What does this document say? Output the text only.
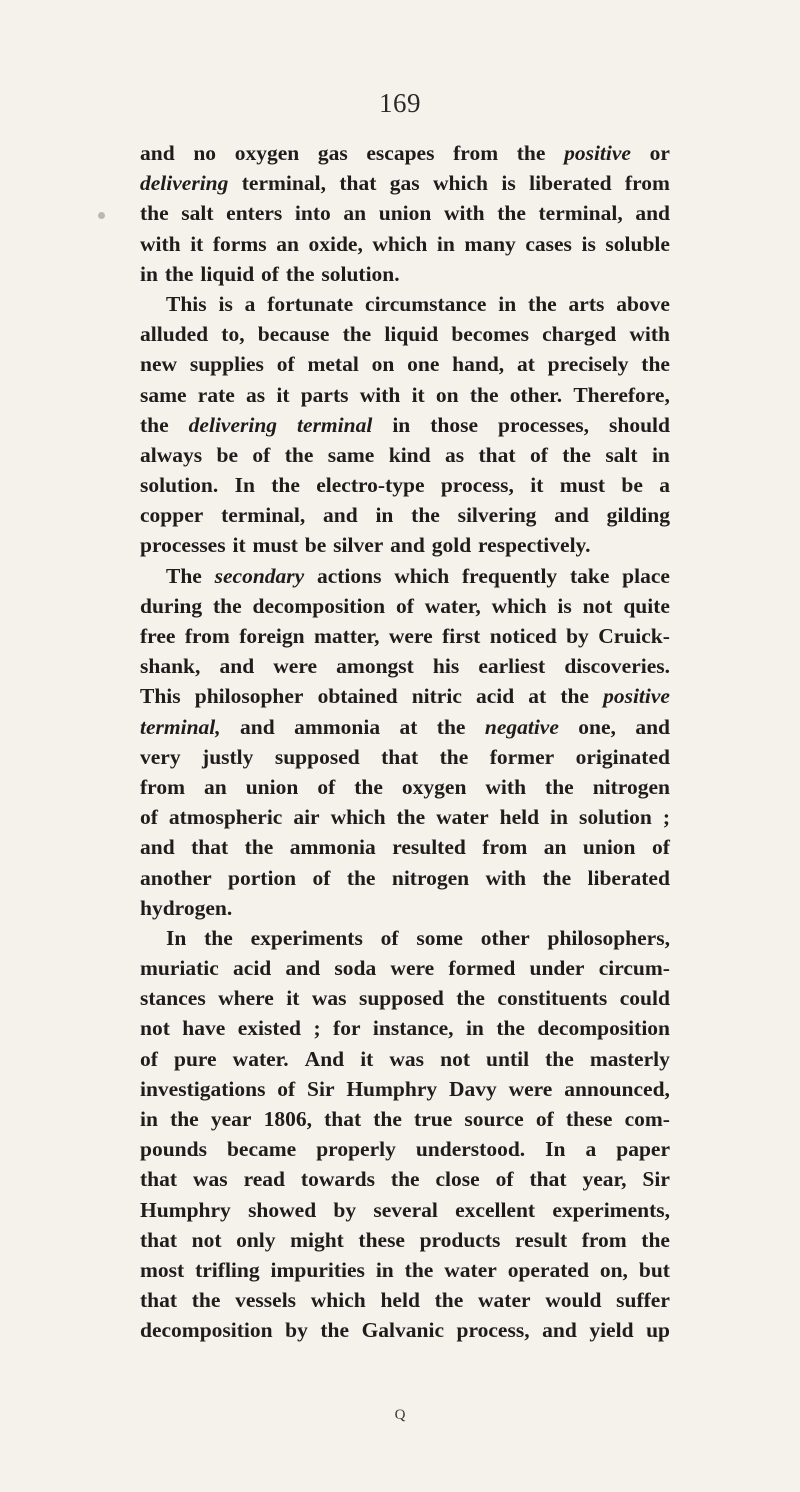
169
and no oxygen gas escapes from the positive or
delivering terminal, that gas which is liberated from
the salt enters into an union with the terminal, and
with it forms an oxide, which in many cases is soluble
in the liquid of the solution.
This is a fortunate circumstance in the arts above
alluded to, because the liquid becomes charged with
new supplies of metal on one hand, at precisely the
same rate as it parts with it on the other. Therefore,
the delivering terminal in those processes, should
always be of the same kind as that of the salt in
solution. In the electro-type process, it must be a
copper terminal, and in the silvering and gilding
processes it must be silver and gold respectively.
The secondary actions which frequently take place
during the decomposition of water, which is not quite
free from foreign matter, were first noticed by Cruick-
shank, and were amongst his earliest discoveries.
This philosopher obtained nitric acid at the positive
terminal, and ammonia at the negative one, and
very justly supposed that the former originated
from an union of the oxygen with the nitrogen
of atmospheric air which the water held in solution ;
and that the ammonia resulted from an union of
another portion of the nitrogen with the liberated
hydrogen.
In the experiments of some other philosophers,
muriatic acid and soda were formed under circum-
stances where it was supposed the constituents could
not have existed ; for instance, in the decomposition
of pure water. And it was not until the masterly
investigations of Sir Humphry Davy were announced,
in the year 1806, that the true source of these com-
pounds became properly understood. In a paper
that was read towards the close of that year, Sir
Humphry showed by several excellent experiments,
that not only might these products result from the
most trifling impurities in the water operated on, but
that the vessels which held the water would suffer
decomposition by the Galvanic process, and yield up
Q
